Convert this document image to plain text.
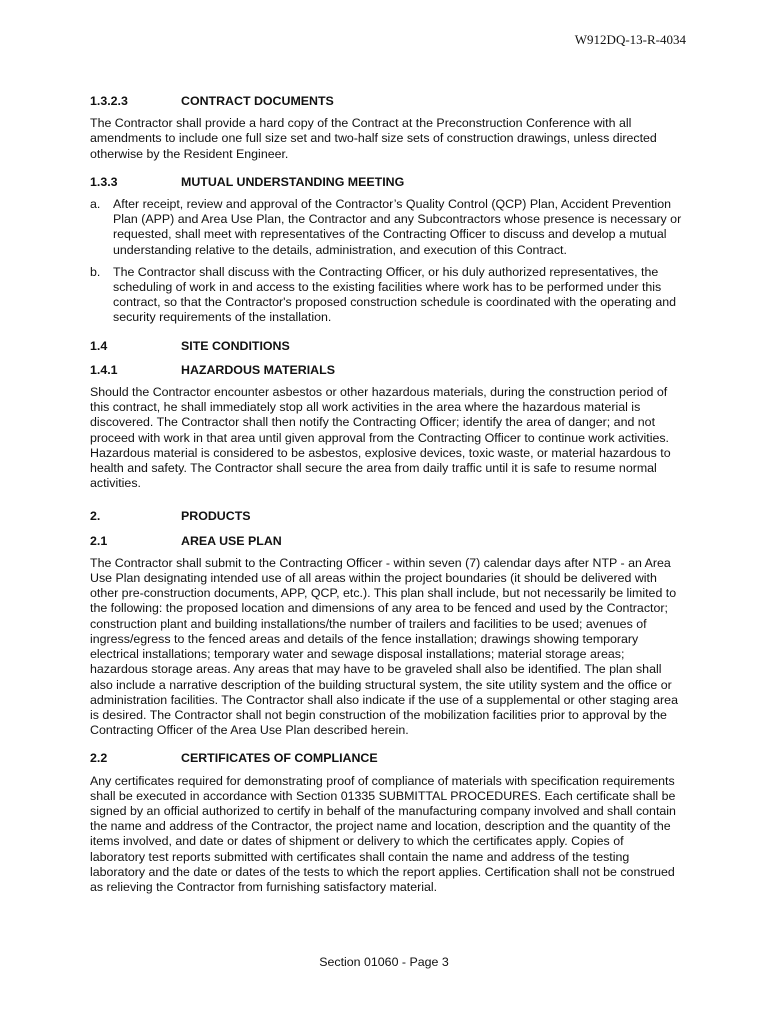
W912DQ-13-R-4034
1.3.2.3	CONTRACT DOCUMENTS

The Contractor shall provide a hard copy of the Contract at the Preconstruction Conference with all amendments to include one full size set and two-half size sets of construction drawings, unless directed otherwise by the Resident Engineer.

1.3.3	MUTUAL UNDERSTANDING MEETING
a.	After receipt, review and approval of the Contractor’s Quality Control (QCP) Plan, Accident Prevention Plan (APP) and Area Use Plan, the Contractor and any Subcontractors whose presence is necessary or requested, shall meet with representatives of the Contracting Officer to discuss and develop a mutual understanding relative to the details, administration, and execution of this Contract.
b.	The Contractor shall discuss with the Contracting Officer, or his duly authorized representatives, the scheduling of work in and access to the existing facilities where work has to be performed under this contract, so that the Contractor's proposed construction schedule is coordinated with the operating and security requirements of the installation.
1.4	SITE CONDITIONS
1.4.1	HAZARDOUS MATERIALS

Should the Contractor encounter asbestos or other hazardous materials, during the construction period of this contract, he shall immediately stop all work activities in the area where the hazardous material is discovered. The Contractor shall then notify the Contracting Officer; identify the area of danger; and not proceed with work in that area until given approval from the Contracting Officer to continue work activities. Hazardous material is considered to be asbestos, explosive devices, toxic waste, or material hazardous to health and safety. The Contractor shall secure the area from daily traffic until it is safe to resume normal activities.

2.	PRODUCTS
2.1	AREA USE PLAN

The Contractor shall submit to the Contracting Officer - within seven (7) calendar days after NTP - an Area Use Plan designating intended use of all areas within the project boundaries (it should be delivered with other pre-construction documents, APP, QCP, etc.). This plan shall include, but not necessarily be limited to the following: the proposed location and dimensions of any area to be fenced and used by the Contractor; construction plant and building installations/the number of trailers and facilities to be used; avenues of ingress/egress to the fenced areas and details of the fence installation; drawings showing temporary electrical installations; temporary water and sewage disposal installations; material storage areas; hazardous storage areas. Any areas that may have to be graveled shall also be identified. The plan shall also include a narrative description of the building structural system, the site utility system and the office or administration facilities. The Contractor shall also indicate if the use of a supplemental or other staging area is desired. The Contractor shall not begin construction of the mobilization facilities prior to approval by the Contracting Officer of the Area Use Plan described herein.

2.2	CERTIFICATES OF COMPLIANCE

Any certificates required for demonstrating proof of compliance of materials with specification requirements shall be executed in accordance with Section 01335 SUBMITTAL PROCEDURES. Each certificate shall be signed by an official authorized to certify in behalf of the manufacturing company involved and shall contain the name and address of the Contractor, the project name and location, description and the quantity of the items involved, and date or dates of shipment or delivery to which the certificates apply. Copies of laboratory test reports submitted with certificates shall contain the name and address of the testing laboratory and the date or dates of the tests to which the report applies. Certification shall not be construed as relieving the Contractor from furnishing satisfactory material.

Section 01060 - Page 3
